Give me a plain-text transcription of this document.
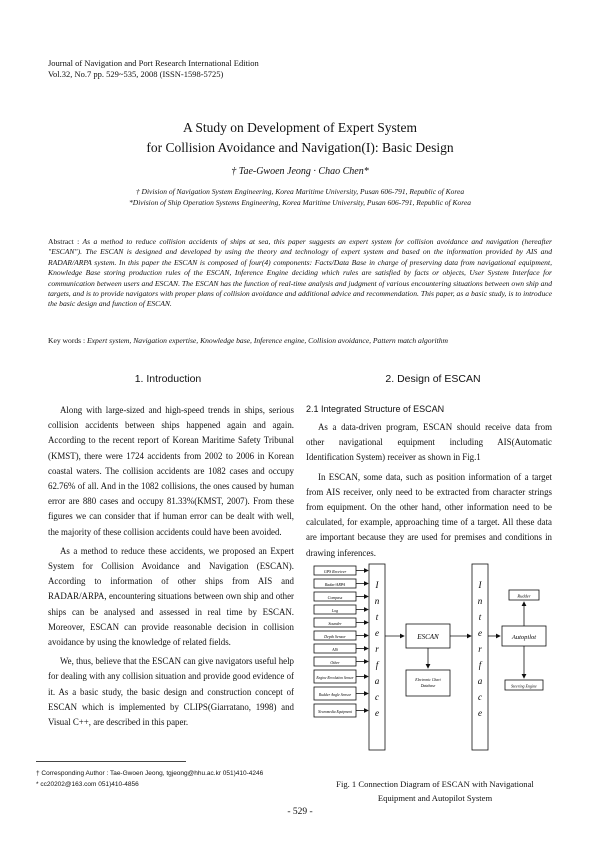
Journal of Navigation and Port Research International Edition
Vol.32, No.7 pp. 529~535, 2008 (ISSN-1598-5725)
A Study on Development of Expert System
for Collision Avoidance and Navigation(I): Basic Design
† Tae-Gwoen Jeong · Chao Chen*
† Division of Navigation System Engineering, Korea Maritime University, Pusan 606-791, Republic of Korea
*Division of Ship Operation Systems Engineering, Korea Maritime University, Pusan 606-791, Republic of Korea
Abstract : As a method to reduce collision accidents of ships at sea, this paper suggests an expert system for collision avoidance and navigation (hereafter "ESCAN"). The ESCAN is designed and developed by using the theory and technology of expert system and based on the information provided by AIS and RADAR/ARPA system. In this paper the ESCAN is composed of four(4) components: Facts/Data Base in charge of preserving data from navigational equipment, Knowledge Base storing production rules of the ESCAN, Inference Engine deciding which rules are satisfied by facts or objects, User System Interface for communication between users and ESCAN. The ESCAN has the function of real-time analysis and judgment of various encountering situations between own ship and targets, and is to provide navigators with proper plans of collision avoidance and additional advice and recommendation. This paper, as a basic study, is to introduce the basic design and function of ESCAN.
Key words : Expert system, Navigation expertise, Knowledge base, Inference engine, Collision avoidance, Pattern match algorithm
1. Introduction

Along with large-sized and high-speed trends in ships, serious collision accidents between ships happened again and again. According to the recent report of Korean Maritime Safety Tribunal (KMST), there were 1724 accidents from 2002 to 2006 in Korean coastal waters. The collision accidents are 1082 cases and occupy 62.76% of all. And in the 1082 collisions, the ones caused by human error are 880 cases and occupy 81.33%(KMST, 2007). From these figures we can consider that if human error can be dealt with well, the majority of these collision accidents could have been avoided.

As a method to reduce these accidents, we proposed an Expert System for Collision Avoidance and Navigation (ESCAN). According to information of other ships from AIS and RADAR/ARPA, encountering situations between own ship and other ships can be analysed and assessed in real time by ESCAN. Moreover, ESCAN can provide reasonable decision in collision avoidance by using the knowledge of related fields.

We, thus, believe that the ESCAN can give navigators useful help for dealing with any collision situation and provide good evidence of it. As a basic study, the basic design and construction concept of ESCAN which is implemented by CLIPS(Giarratano, 1998) and Visual C++, are described in this paper.

2. Design of ESCAN
2.1 Integrated Structure of ESCAN

As a data-driven program, ESCAN should receive data from other navigational equipment including AIS(Automatic Identification System) receiver as shown in Fig.1

In ESCAN, some data, such as position information of a target from AIS receiver, only need to be extracted from character strings from equipment. On the other hand, other information need to be calculated, for example, approaching time of a target. All these data are important because they are used for premises and conditions in drawing inferences.

GPS Receiver
Radar/ARPA
Compass
Log
Sounder
Depth Sensor
AIS
Other
Engine Revolution Sensor
Rudder Angle Sensor
Neuromedia Equipment
I
n
t
e
r
f
a
c
e
ESCAN
Electronic Chart
Database
I
n
t
e
r
f
a
c
e
Autopilot
Rudder
Steering Engine
Fig. 1 Connection Diagram of ESCAN with Navigational
Equipment and Autopilot System
† Corresponding Author : Tae-Gwoen Jeong, tgjeong@hhu.ac.kr 051)410-4246
* cc20202@163.com 051)410-4856
- 529 -
